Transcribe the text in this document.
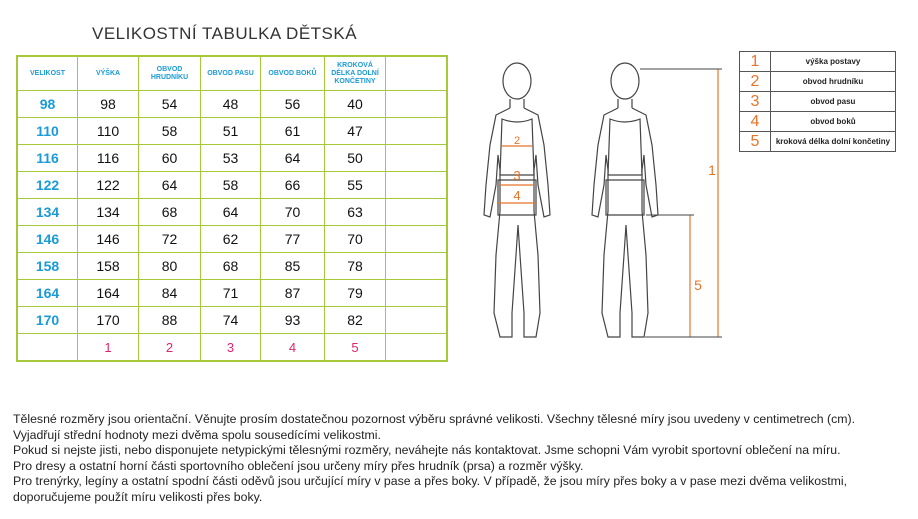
VELIKOSTNÍ TABULKA DĚTSKÁ
VELIKOST	VÝŠKA	OBVOD HRUDNÍKU	OBVOD PASU	OBVOD BOKŮ	KROKOVÁ DÉLKA DOLNÍ KONČETINY	
98	98	54	48	56	40	
110	110	58	51	61	47	
116	116	60	53	64	50	
122	122	64	58	66	55	
134	134	68	64	70	63	
146	146	72	62	77	70	
158	158	80	68	85	78	
164	164	84	71	87	79	
170	170	88	74	93	82	
	1	2	3	4	5	
2
3
4
1
5
1	výška postavy
2	obvod hrudníku
3	obvod pasu
4	obvod boků
5	kroková délka dolní končetiny

Tělesné rozměry jsou orientační. Věnujte prosím dostatečnou pozornost výběru správné velikosti. Všechny tělesné míry jsou uvedeny v centimetrech (cm).

Vyjadřují střední hodnoty mezi dvěma spolu sousedícími velikostmi.

Pokud si nejste jisti, nebo disponujete netypickými tělesnými rozměry, neváhejte nás kontaktovat. Jsme schopni Vám vyrobit sportovní oblečení na míru.

Pro dresy a ostatní horní části sportovního oblečení jsou určeny míry přes hrudník (prsa) a rozměr výšky.

Pro trenýrky, legíny a ostatní spodní části oděvů jsou určující míry v pase a přes boky. V případě, že jsou míry přes boky a v pase mezi dvěma velikostmi, doporučujeme použít míru velikosti přes boky.
